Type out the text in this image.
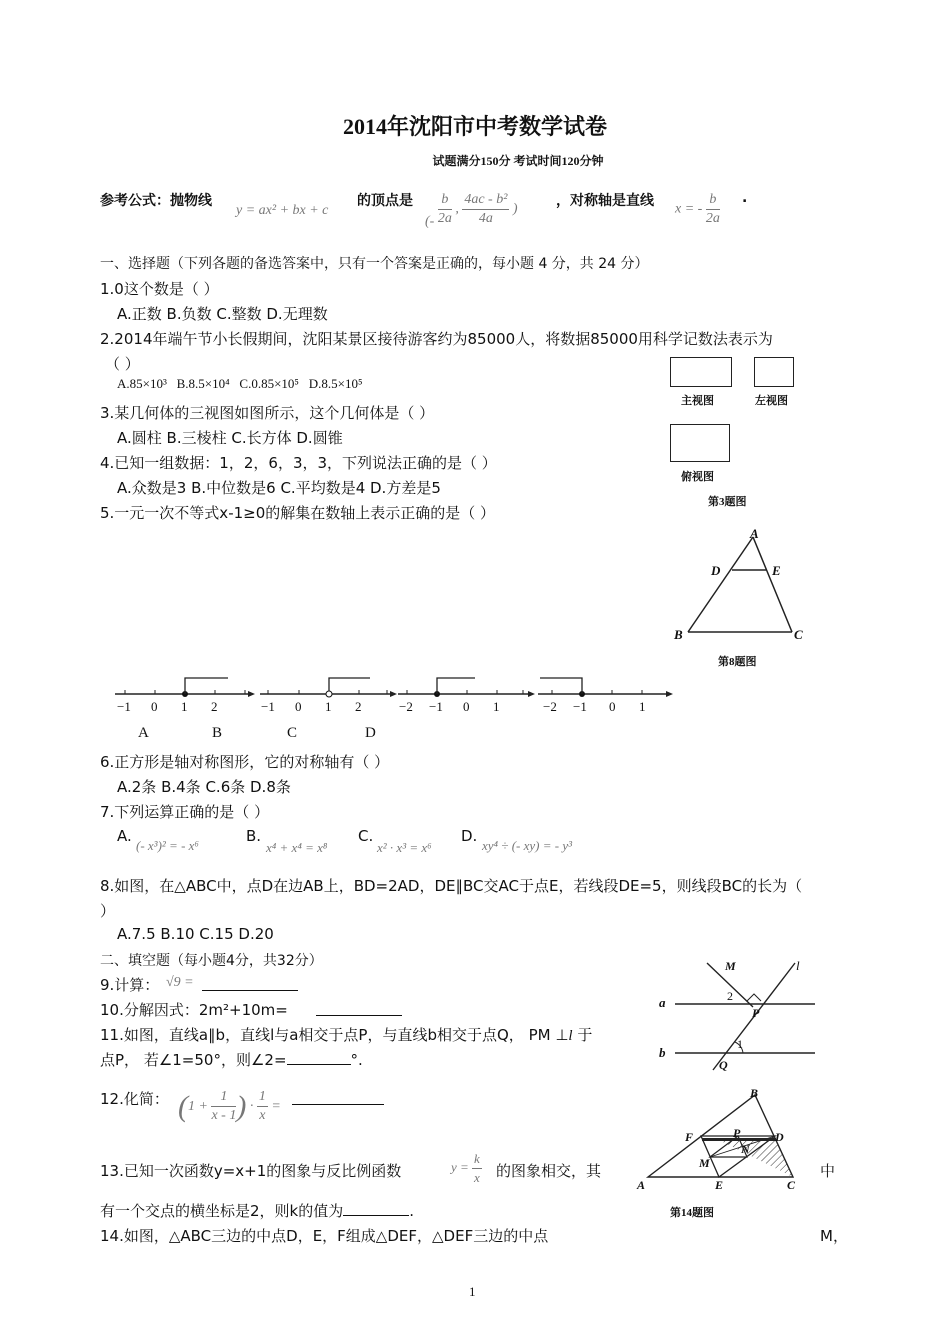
2014年沈阳市中考数学试卷
试题满分150分 考试时间120分钟
参考公式：抛物线
y = ax² + bx + c
的顶点是
(- $\frac{b}{2a}$ , $\frac{\text{4ac - b²}}{4a}$ )
，对称轴是直线
x = - $\frac{b}{2a}$ .
一、选择题（下列各题的备选答案中，只有一个答案是正确的，每小题 4 分，共 24 分）
1.0这个数是（ ）
A.正数 B.负数 C.整数 D.无理数
2.2014年端午节小长假期间，沈阳某景区接待游客约为85000人，将数据85000用科学记数法表示为
（ ）
A.85×10³ B.8.5×10⁴ C.0.85×10⁵ D.8.5×10⁵
3.某几何体的三视图如图所示，这个几何体是（ ）
A.圆柱 B.三棱柱 C.长方体 D.圆锥
4.已知一组数据：1，2，6，3，3，下列说法正确的是（ ）
A.众数是3 B.中位数是6 C.平均数是4 D.方差是5
5.一元一次不等式x-1≥0的解集在数轴上表示正确的是（ ）
主视图	左视图
俯视图
第3题图
A
D	E
B	C
第8题图
−1 0 1 2	−1 0 1 2	−2 −1 0 1	−2 −1 0 1
A	B	C	D
6.正方形是轴对称图形，它的对称轴有（ ）
A.2条 B.4条 C.6条 D.8条
7.下列运算正确的是（ ）
A.
(- x³)² = - x⁶
B.
x⁴ + x⁴ = x⁸
C.
x² · x³ = x⁶
D.
xy⁴ ÷ (- xy) = - y³
8.如图，在△ABC中，点D在边AB上，BD=2AD，DE∥BC交AC于点E，若线段DE=5，则线段BC的长为（
）
A.7.5 B.10 C.15 D.20
二、填空题（每小题4分，共32分）
9.计算： √9 =
10.分解因式：2m²+10m=
11.如图，直线a∥b，直线l与a相交于点P，与直线b相交于点Q， PM ⊥l 于
点P， 若∠1=50°，则∠2=	°.
M	l
a	2
P
1
b
Q
12.化简： ($1 + \frac{1}{x - 1}$ ) · $\frac{1}{x}$ =
13.已知一次函数y=x+1的图象与反比例函数	$y = \frac{k}{x}$ 的图象相交，其	中
有一个交点的横坐标是2，则k的值为	.
B
F	P	D
N
M
A	E	C
第14题图
14.如图，△ABC三边的中点D，E，F组成△DEF，△DEF三边的中点	M，
1
